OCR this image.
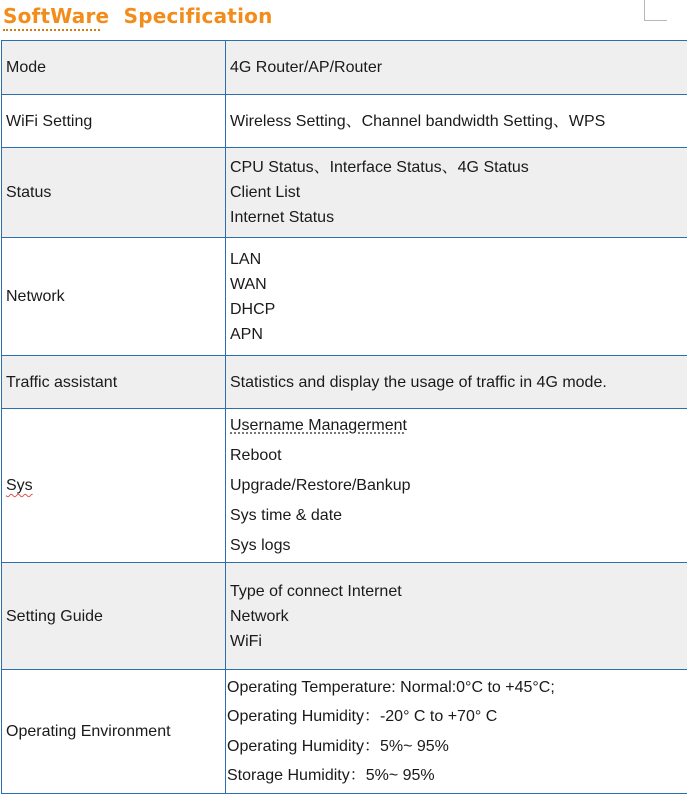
SoftWare  Specification
Mode	4G Router/AP/Router

WiFi Setting	Wireless Setting、Channel bandwidth Setting、WPS

Status	CPU Status、Interface Status、4G Status
Client List
Internet Status

Network	LAN
WAN
DHCP
APN

Traffic assistant	Statistics and display the usage of traffic in 4G mode.

Sys	Username Managerment
Reboot
Upgrade/Restore/Bankup
Sys time & date
Sys logs

Setting Guide	Type of connect Internet
Network
WiFi

Operating Environment	Operating Temperature: Normal:0°C to +45°C;
Operating Humidity：-20° C to +70° C
Operating Humidity：5%~ 95%
Storage Humidity：5%~ 95%
